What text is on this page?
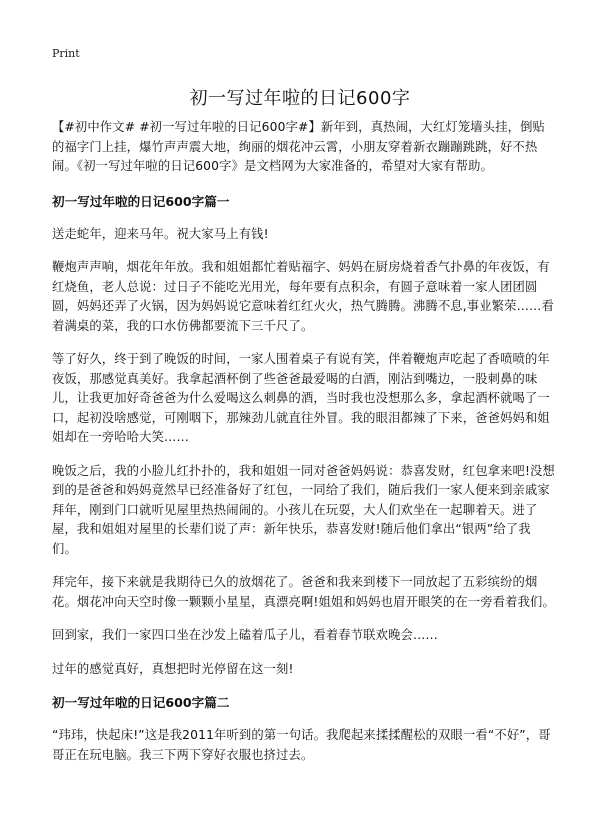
Print
初一写过年啦的日记600字

【#初中作文# #初一写过年啦的日记600字#】新年到，真热闹，大红灯笼墙头挂，倒贴的福字门上挂，爆竹声声震大地，绚丽的烟花冲云霄，小朋友穿着新衣蹦蹦跳跳，好不热闹。《初一写过年啦的日记600字》是文档网为大家准备的，希望对大家有帮助。

初一写过年啦的日记600字篇一

送走蛇年，迎来马年。祝大家马上有钱!

鞭炮声声响，烟花年年放。我和姐姐都忙着贴福字、妈妈在厨房烧着香气扑鼻的年夜饭，有红烧鱼，老人总说：过日子不能吃光用光，每年要有点积余，有圆子意味着一家人团团圆圆，妈妈还弄了火锅，因为妈妈说它意味着红红火火，热气腾腾。沸腾不息,事业繁荣……看着满桌的菜，我的口水仿佛都要流下三千尺了。

等了好久，终于到了晚饭的时间，一家人围着桌子有说有笑，伴着鞭炮声吃起了香喷喷的年夜饭，那感觉真美好。我拿起酒杯倒了些爸爸最爱喝的白酒，刚沾到嘴边，一股刺鼻的味儿，让我更加好奇爸爸为什么爱喝这么刺鼻的酒，当时我也没想那么多，拿起酒杯就喝了一口，起初没啥感觉，可刚咽下，那辣劲儿就直往外冒。我的眼泪都辣了下来，爸爸妈妈和姐姐却在一旁哈哈大笑……

晚饭之后，我的小脸儿红扑扑的，我和姐姐一同对爸爸妈妈说：恭喜发财，红包拿来吧!没想到的是爸爸和妈妈竟然早已经准备好了红包，一同给了我们，随后我们一家人便来到亲戚家拜年，刚到门口就听见屋里热热闹闹的。小孩儿在玩耍，大人们欢坐在一起聊着天。进了屋，我和姐姐对屋里的长辈们说了声：新年快乐，恭喜发财!随后他们拿出“银两”给了我们。

拜完年，接下来就是我期待已久的放烟花了。爸爸和我来到楼下一同放起了五彩缤纷的烟花。烟花冲向天空时像一颗颗小星星，真漂亮啊!姐姐和妈妈也眉开眼笑的在一旁看着我们。

回到家，我们一家四口坐在沙发上磕着瓜子儿，看着春节联欢晚会……

过年的感觉真好，真想把时光停留在这一刻!

初一写过年啦的日记600字篇二

“玮玮，快起床!”这是我2011年听到的第一句话。我爬起来揉揉醒松的双眼一看“不好”，哥哥正在玩电脑。我三下两下穿好衣服也挤过去。
